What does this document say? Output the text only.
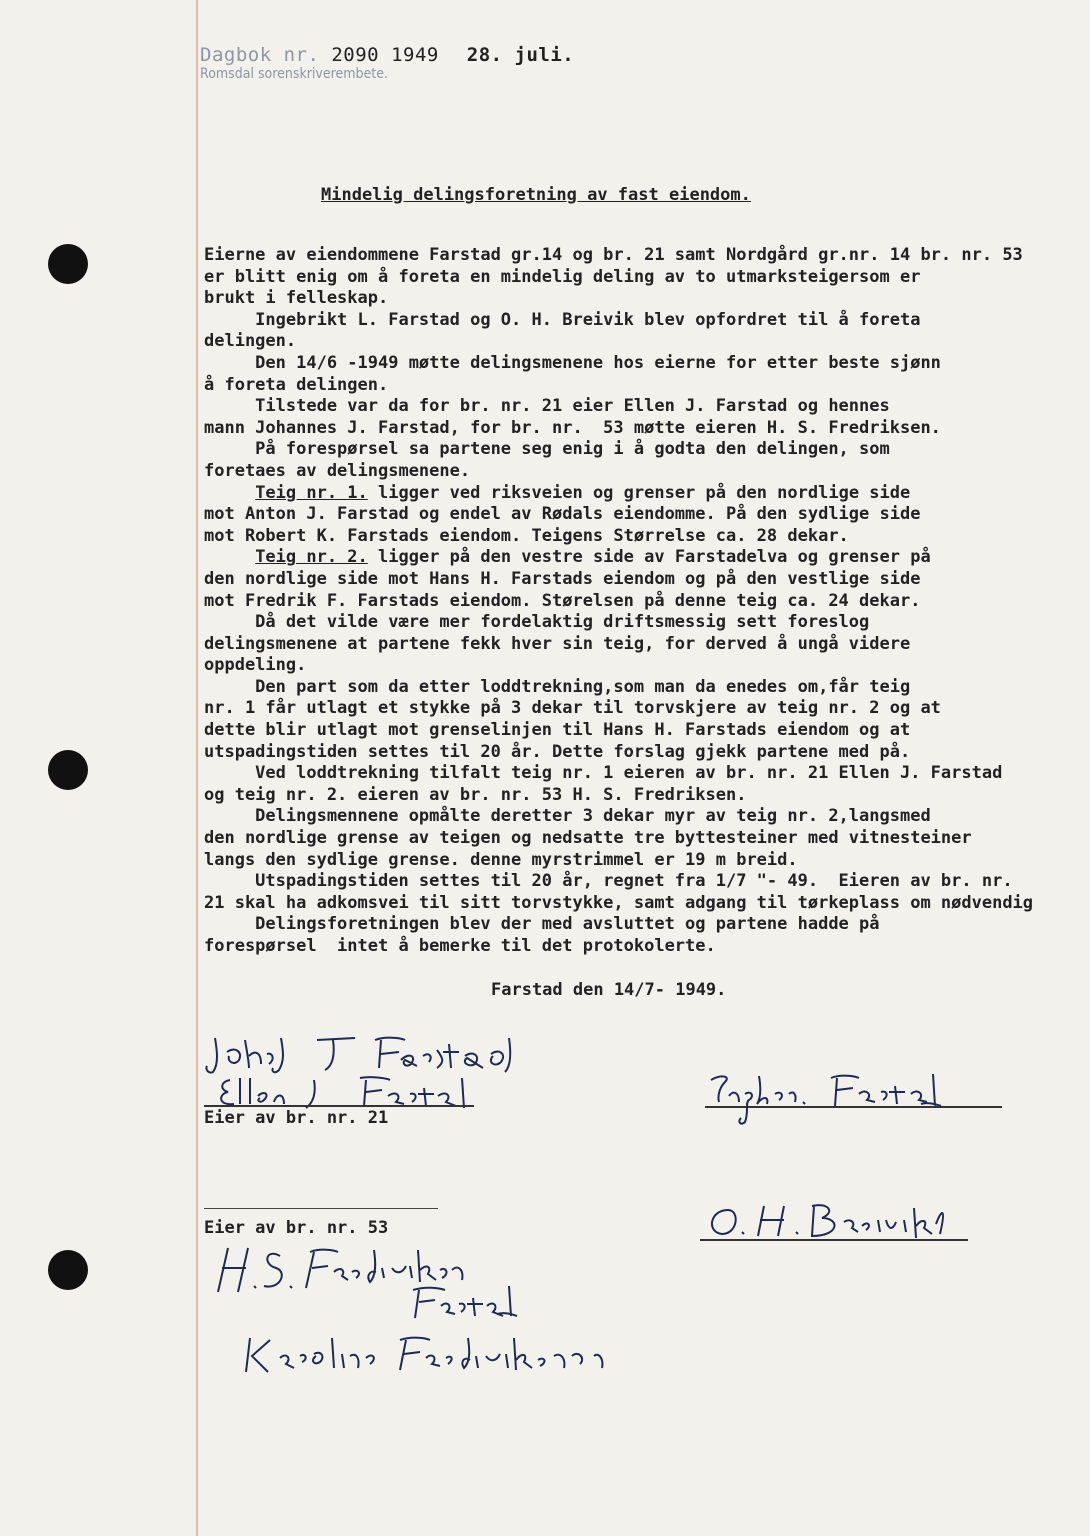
Dagbok nr. 2090 1949 28. juli.
Romsdal sorenskriverembete.
Mindelig delingsforetning av fast eiendom.
Eierne av eiendommene Farstad gr.14 og br. 21 samt Nordgård gr.nr. 14 br. nr. 53
er blitt enig om å foreta en mindelig deling av to utmarksteigersom er
brukt i felleskap.
Ingebrikt L. Farstad og O. H. Breivik blev opfordret til å foreta
delingen.
Den 14/6 -1949 møtte delingsmenene hos eierne for etter beste sjønn
å foreta delingen.
Tilstede var da for br. nr. 21 eier Ellen J. Farstad og hennes
mann Johannes J. Farstad, for br. nr.  53 møtte eieren H. S. Fredriksen.
På forespørsel sa partene seg enig i å godta den delingen, som
foretaes av delingsmenene.
Teig nr. 1. ligger ved riksveien og grenser på den nordlige side
mot Anton J. Farstad og endel av Rødals eiendomme. På den sydlige side
mot Robert K. Farstads eiendom. Teigens Størrelse ca. 28 dekar.
Teig nr. 2. ligger på den vestre side av Farstadelva og grenser på
den nordlige side mot Hans H. Farstads eiendom og på den vestlige side
mot Fredrik F. Farstads eiendom. Størelsen på denne teig ca. 24 dekar.
Då det vilde være mer fordelaktig driftsmessig sett foreslog
delingsmenene at partene fekk hver sin teig, for derved å ungå videre
oppdeling.
Den part som da etter loddtrekning,som man da enedes om,får teig
nr. 1 får utlagt et stykke på 3 dekar til torvskjere av teig nr. 2 og at
dette blir utlagt mot grenselinjen til Hans H. Farstads eiendom og at
utspadingstiden settes til 20 år. Dette forslag gjekk partene med på.
Ved loddtrekning tilfalt teig nr. 1 eieren av br. nr. 21 Ellen J. Farstad
og teig nr. 2. eieren av br. nr. 53 H. S. Fredriksen.
Delingsmennene opmålte deretter 3 dekar myr av teig nr. 2,langsmed
den nordlige grense av teigen og nedsatte tre byttesteiner med vitnesteiner
langs den sydlige grense. denne myrstrimmel er 19 m breid.
Utspadingstiden settes til 20 år, regnet fra 1/7 "- 49.  Eieren av br. nr.
21 skal ha adkomsvei til sitt torvstykke, samt adgang til tørkeplass om nødvendig
Delingsforetningen blev der med avsluttet og partene hadde på
forespørsel  intet å bemerke til det protokolerte.
Farstad den 14/7- 1949.
Eier av br. nr. 21
Eier av br. nr. 53
